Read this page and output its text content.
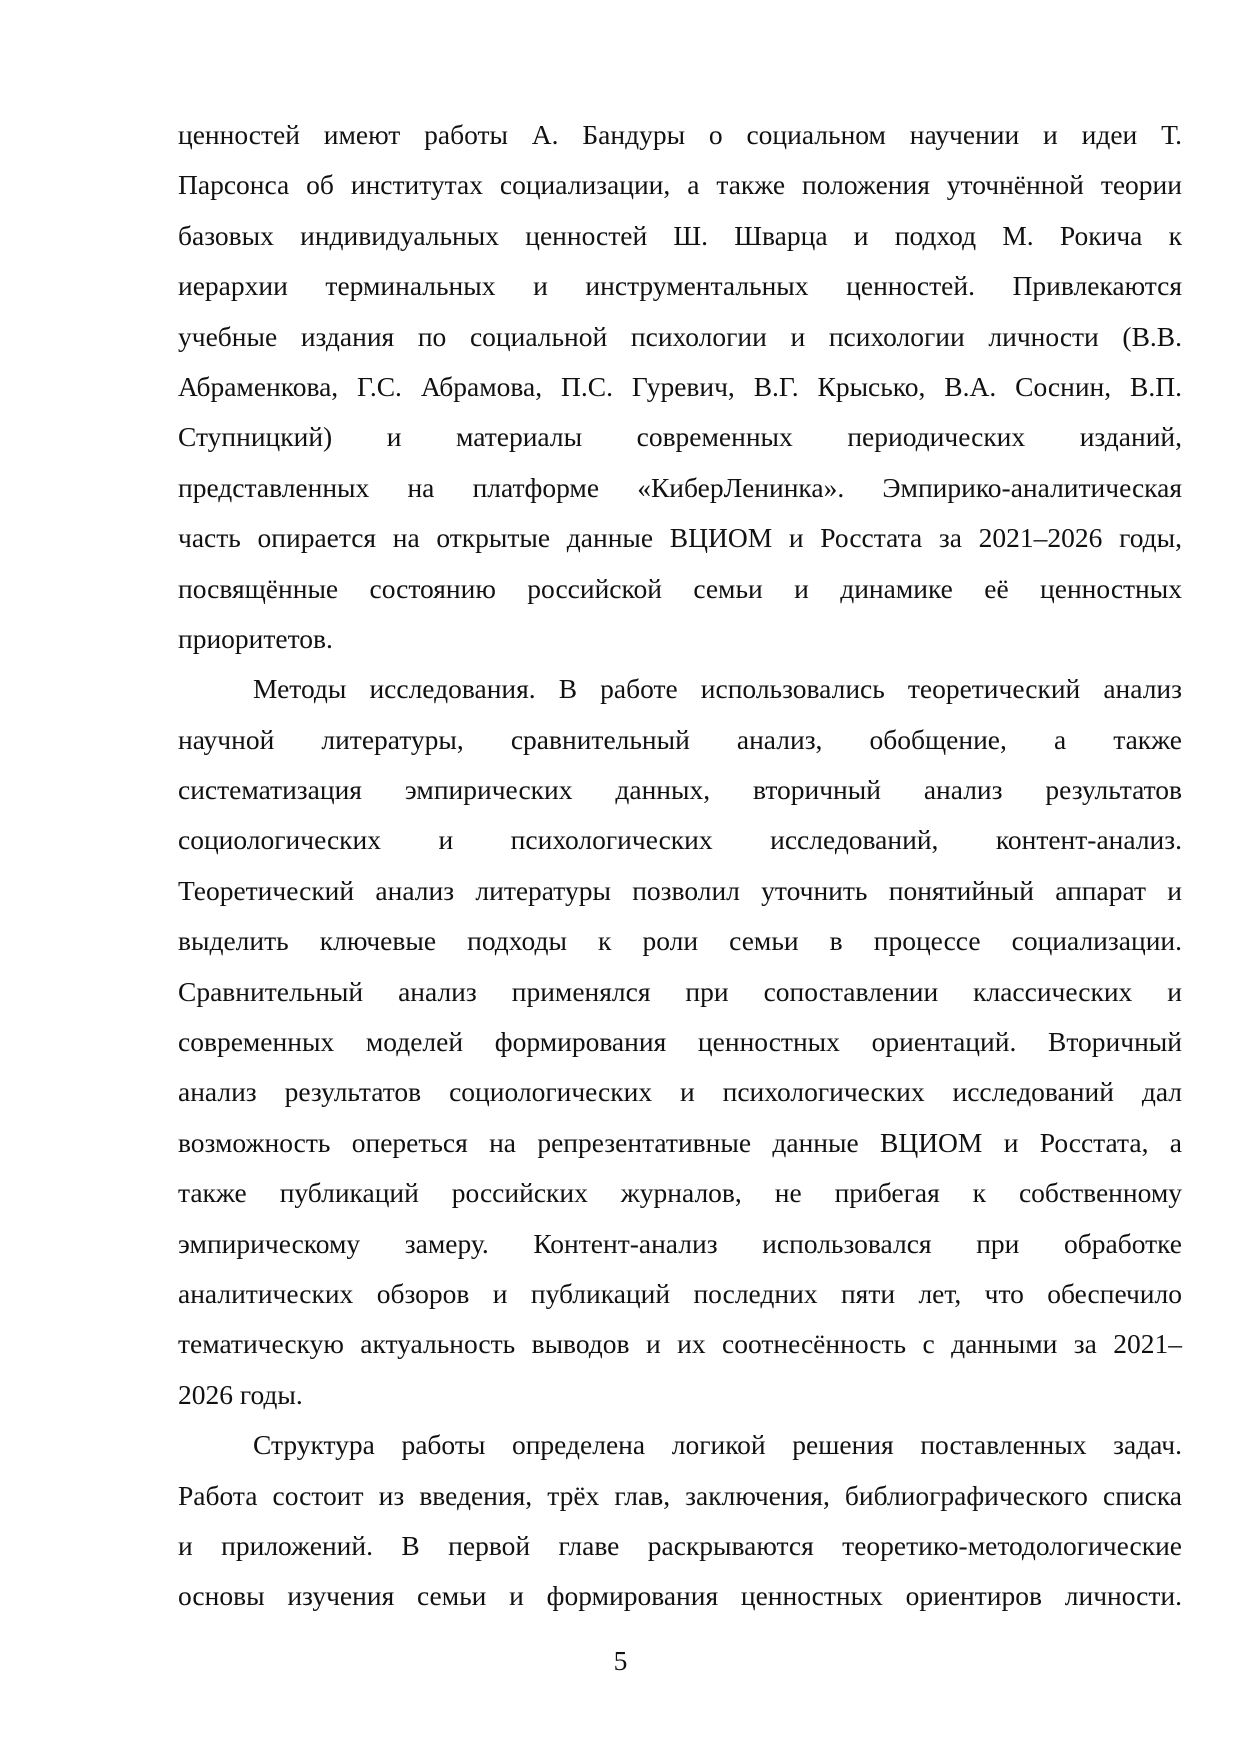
ценностей имеют работы А. Бандуры о социальном научении и идеи Т.
Парсонса об институтах социализации, а также положения уточнённой теории
базовых индивидуальных ценностей Ш. Шварца и подход М. Рокича к
иерархии терминальных и инструментальных ценностей. Привлекаются
учебные издания по социальной психологии и психологии личности (В.В.
Абраменкова, Г.С. Абрамова, П.С. Гуревич, В.Г. Крысько, В.А. Соснин, В.П.
Ступницкий) и материалы современных периодических изданий,
представленных на платформе «КиберЛенинка». Эмпирико-аналитическая
часть опирается на открытые данные ВЦИОМ и Росстата за 2021–2026 годы,
посвящённые состоянию российской семьи и динамике её ценностных
приоритетов.
Методы исследования. В работе использовались теоретический анализ
научной литературы, сравнительный анализ, обобщение, а также
систематизация эмпирических данных, вторичный анализ результатов
социологических и психологических исследований, контент-анализ.
Теоретический анализ литературы позволил уточнить понятийный аппарат и
выделить ключевые подходы к роли семьи в процессе социализации.
Сравнительный анализ применялся при сопоставлении классических и
современных моделей формирования ценностных ориентаций. Вторичный
анализ результатов социологических и психологических исследований дал
возможность опереться на репрезентативные данные ВЦИОМ и Росстата, а
также публикаций российских журналов, не прибегая к собственному
эмпирическому замеру. Контент-анализ использовался при обработке
аналитических обзоров и публикаций последних пяти лет, что обеспечило
тематическую актуальность выводов и их соотнесённость с данными за 2021–
2026 годы.
Структура работы определена логикой решения поставленных задач.
Работа состоит из введения, трёх глав, заключения, библиографического списка
и приложений. В первой главе раскрываются теоретико-методологические
основы изучения семьи и формирования ценностных ориентиров личности.
5
